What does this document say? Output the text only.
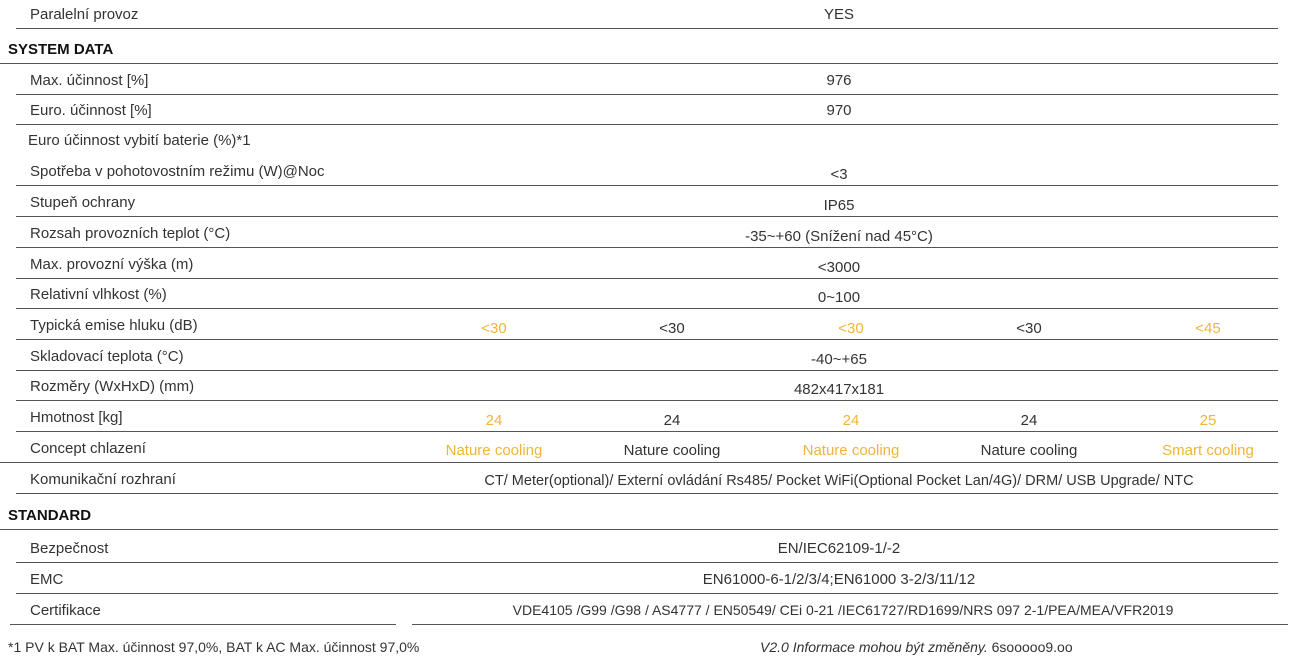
Paralelní provoz	YES
SYSTEM DATA
Max. účinnost [%]	976
Euro. účinnost [%]	970
Euro účinnost vybití baterie (%)*1
Spotřeba v pohotovostním režimu (W)@Noc	<3
Stupeň ochrany	IP65
Rozsah provozních teplot (°C)	-35~+60 (Snížení nad 45°C)
Max. provozní výška (m)	<3000
Relativní vlhkost (%)	0~100
Typická emise hluku (dB)	<30	<30	<30	<30	<45
Skladovací teplota (°C)	-40~+65
Rozměry (WxHxD) (mm)	482x417x181
Hmotnost [kg]	24	24	24	24	25
Concept chlazení	Nature cooling	Nature cooling	Nature cooling	Nature cooling	Smart cooling
Komunikační rozhraní	CT/ Meter(optional)/ Externí ovládání Rs485/ Pocket WiFi(Optional Pocket Lan/4G)/ DRM/ USB Upgrade/ NTC
STANDARD
Bezpečnost	EN/IEC62109-1/-2
EMC	EN61000-6-1/2/3/4;EN61000 3-2/3/11/12
Certifikace	VDE4105 /G99 /G98 / AS4777 / EN50549/ CEi 0-21 /IEC61727/RD1699/NRS 097 2-1/PEA/MEA/VFR2019
*1 PV k BAT Max. účinnost 97,0%, BAT k AC Max. účinnost 97,0%	V2.0 Informace mohou být změněny. 6sooooo9.oo
